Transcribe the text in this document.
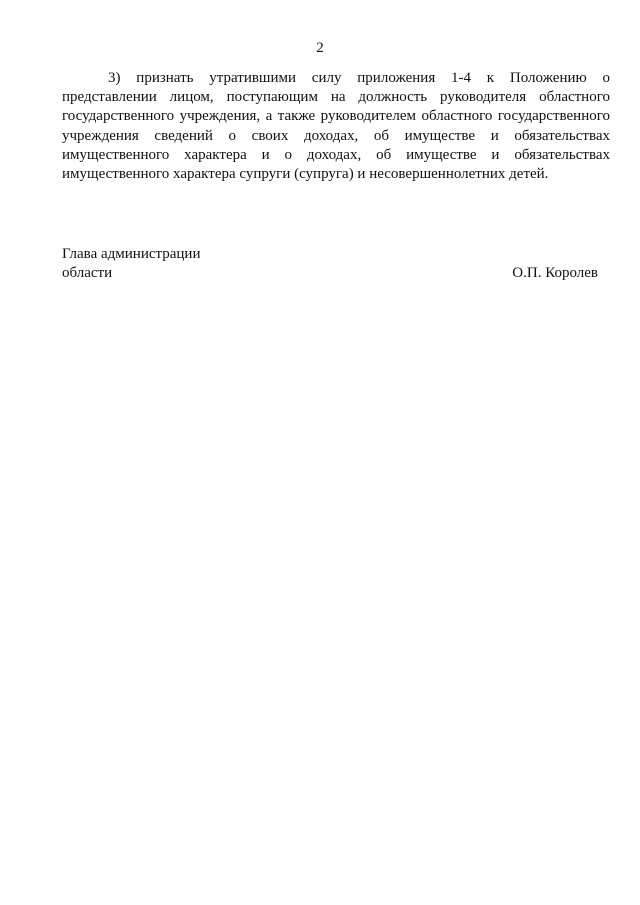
2

3) признать утратившими силу приложения 1-4 к Положению о представлении лицом, поступающим на должность руководителя областного государственного учреждения, а также руководителем областного государственного учреждения сведений о своих доходах, об имуществе и обязательствах имущественного характера и о доходах, об имуществе и обязательствах имущественного характера супруги (супруга) и несовершеннолетних детей.

Глава администрации
области	О.П. Королев
